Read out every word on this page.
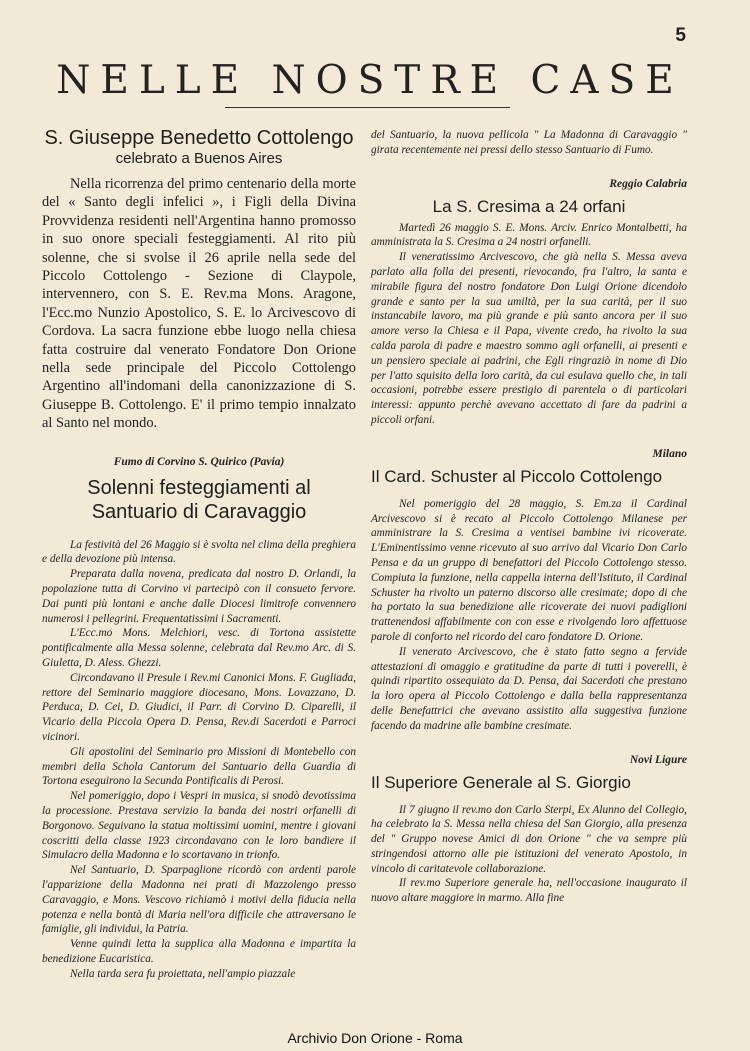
5
NELLE NOSTRE CASE
S. Giuseppe Benedetto Cottolengo
celebrato a Buenos Aires

Nella ricorrenza del primo centenario della morte del « Santo degli infelici », i Figli della Divina Provvidenza residenti nell'Argentina hanno promosso in suo onore speciali festeggiamenti. Al rito più solenne, che si svolse il 26 aprile nella sede del Piccolo Cottolengo - Sezione di Claypole, intervennero, con S. E. Rev.ma Mons. Aragone, l'Ecc.mo Nunzio Apostolico, S. E. lo Arcivescovo di Cordova. La sacra funzione ebbe luogo nella chiesa fatta costruire dal venerato Fondatore Don Orione nella sede principale del Piccolo Cottolengo Argentino all'indomani della canonizzazione di S. Giuseppe B. Cottolengo. E' il primo tempio innalzato al Santo nel mondo.

Fumo di Corvino S. Quirico (Pavia)
Solenni festeggiamenti al Santuario di Caravaggio

La festività del 26 Maggio si è svolta nel clima della preghiera e della devozione più intensa.

Preparata dalla novena, predicata dal nostro D. Orlandi, la popolazione tutta di Corvino vi partecipò con il consueto fervore. Dai punti più lontani e anche dalle Diocesi limitrofe convennero numerosi i pellegrini. Frequentatissimi i Sacramenti.

L'Ecc.mo Mons. Melchiori, vesc. di Tortona assistette pontificalmente alla Messa solenne, celebrata dal Rev.mo Arc. di S. Giuletta, D. Aless. Ghezzi.

Circondavano il Presule i Rev.mi Canonici Mons. F. Gugliada, rettore del Seminario maggiore diocesano, Mons. Lovazzano, D. Perduca, D. Cei, D. Giudici, il Parr. di Corvino D. Ciparelli, il Vicario della Piccola Opera D. Pensa, Rev.di Sacerdoti e Parroci vicinori.

Gli apostolini del Seminario pro Missioni di Montebello con membri della Schola Cantorum del Santuario della Guardia di Tortona eseguirono la Secunda Pontificalis di Perosi.

Nel pomeriggio, dopo i Vespri in musica, si snodò devotissima la processione. Prestava servizio la banda dei nostri orfanelli di Borgonovo. Seguivano la statua moltissimi uomini, mentre i giovani coscritti della classe 1923 circondavano con le loro bandiere il Simulacro della Madonna e lo scortavano in trionfo.

Nel Santuario, D. Sparpaglione ricordò con ardenti parole l'apparizione della Madonna nei prati di Mazzolengo presso Caravaggio, e Mons. Vescovo richiamò i motivi della fiducia nella potenza e nella bontà di Maria nell'ora difficile che attraversano le famiglie, gli individui, la Patria.

Venne quindi letta la supplica alla Madonna e impartita la benedizione Eucaristica.

Nella tarda sera fu proiettata, nell'ampio piazzale

del Santuario, la nuova pellicola " La Madonna di Caravaggio " girata recentemente nei pressi dello stesso Santuario di Fumo.

Reggio Calabria
La S. Cresima a 24 orfani

Martedì 26 maggio S. E. Mons. Arciv. Enrico Montalbetti, ha amministrata la S. Cresima a 24 nostri orfanelli.

Il veneratissimo Arcivescovo, che già nella S. Messa aveva parlato alla folla dei presenti, rievocando, fra l'altro, la santa e mirabile figura del nostro fondatore Don Luigi Orione dicendolo grande e santo per la sua umiltà, per la sua carità, per il suo instancabile lavoro, ma più grande e più santo ancora per il suo amore verso la Chiesa e il Papa, vivente credo, ha rivolto la sua calda parola di padre e maestro sommo agli orfanelli, ai presenti e un pensiero speciale ai padrini, che Egli ringraziò in nome di Dio per l'atto squisito della loro carità, da cui esulava quello che, in tali occasioni, potrebbe essere prestigio di parentela o di particolari interessi: appunto perchè avevano accettato di fare da padrini a piccoli orfani.

Milano
Il Card. Schuster al Piccolo Cottolengo

Nel pomeriggio del 28 maggio, S. Em.za il Cardinal Arcivescovo si è recato al Piccolo Cottolengo Milanese per amministrare la S. Cresima a ventisei bambine ivi ricoverate. L'Eminentissimo venne ricevuto al suo arrivo dal Vicario Don Carlo Pensa e da un gruppo di benefattori del Piccolo Cottolengo stesso. Compiuta la funzione, nella cappella interna dell'Istituto, il Cardinal Schuster ha rivolto un paterno discorso alle cresimate; dopo di che ha portato la sua benedizione alle ricoverate dei nuovi padiglioni trattenendosi affabilmente con con esse e rivolgendo loro affettuose parole di conforto nel ricordo del caro fondatore D. Orione.

Il venerato Arcivescovo, che è stato fatto segno a fervide attestazioni di omaggio e gratitudine da parte di tutti i poverelli, è quindi ripartito ossequiato da D. Pensa, dai Sacerdoti che prestano la loro opera al Piccolo Cottolengo e dalla bella rappresentanza delle Benefattrici che avevano assistito alla suggestiva funzione facendo da madrine alle bambine cresimate.

Novi Ligure
Il Superiore Generale al S. Giorgio

Il 7 giugno il rev.mo don Carlo Sterpi, Ex Alunno del Collegio, ha celebrato la S. Messa nella chiesa del San Giorgio, alla presenza del " Gruppo novese Amici di don Orione " che va sempre più stringendosi attorno alle pie istituzioni del venerato Apostolo, in vincolo di caritatevole collaborazione.

Il rev.mo Superiore generale ha, nell'occasione inaugurato il nuovo altare maggiore in marmo. Alla fine

Archivio Don Orione - Roma
